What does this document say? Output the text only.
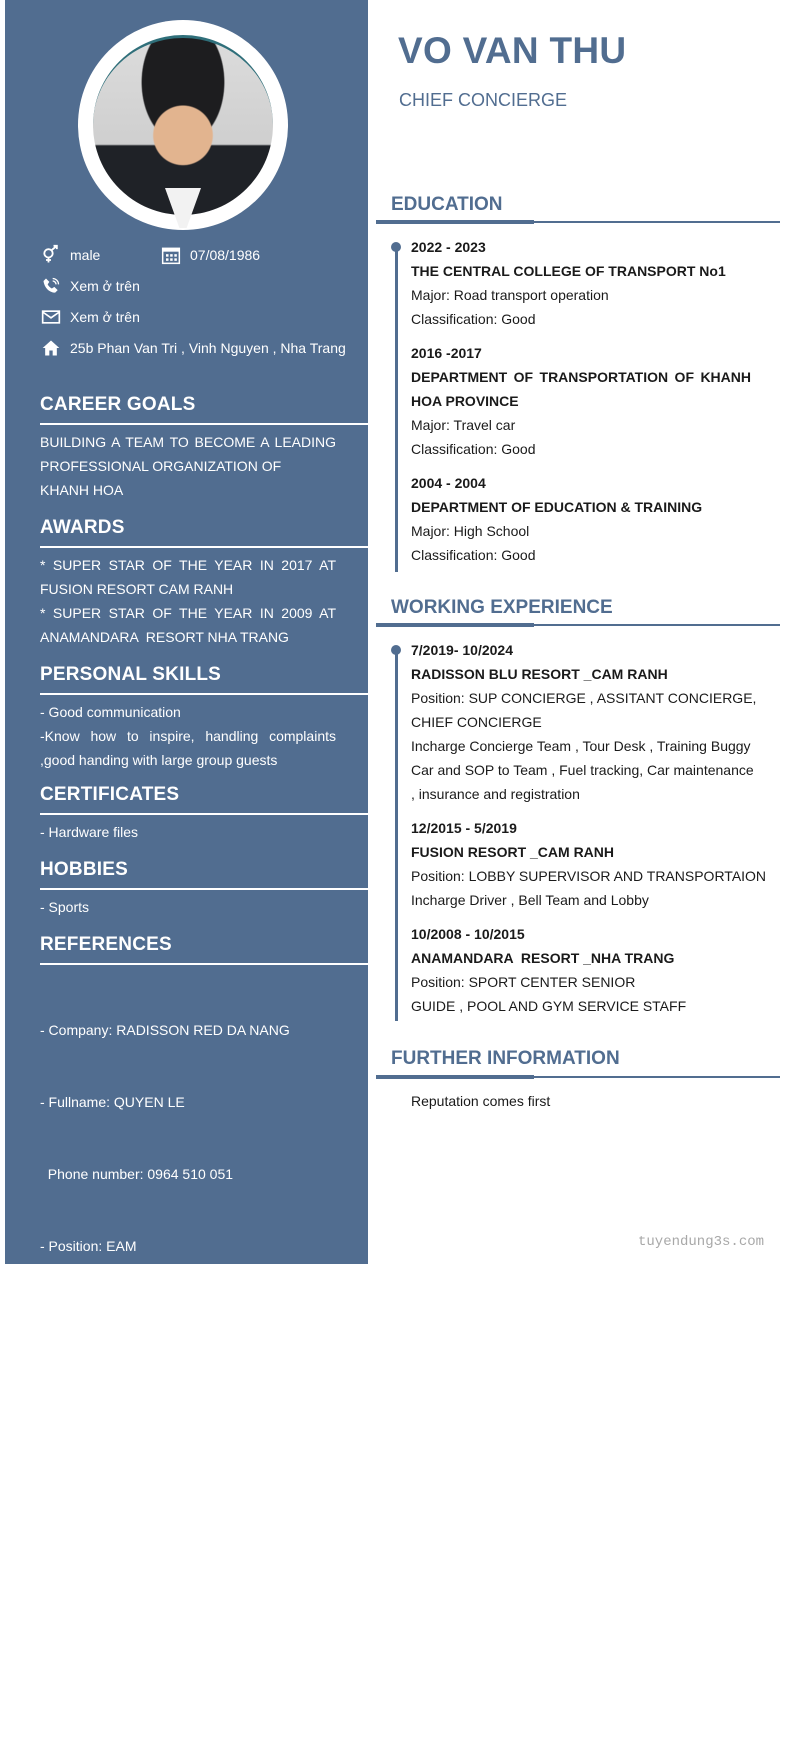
male	07/08/1986
Xem ở trên
Xem ở trên
25b Phan Van Tri , Vinh Nguyen , Nha Trang
CAREER GOALS
BUILDING A TEAM TO BECOME A LEADING
PROFESSIONAL ORGANIZATION OF
KHANH HOA
AWARDS
* SUPER STAR OF THE YEAR IN 2017 AT
FUSION RESORT CAM RANH
* SUPER STAR OF THE YEAR IN 2009 AT
ANAMANDARA  RESORT NHA TRANG
PERSONAL SKILLS
- Good communication
-Know how to inspire, handling complaints
,good handing with large group guests
CERTIFICATES
- Hardware files
HOBBIES
- Sports
REFERENCES

- Company: RADISSON RED DA NANG

- Fullname: QUYEN LE

Phone number: 0964 510 051

- Position: EAM

-Company:  FUSION RESORT CAM RANH

-Fullname:  NGUYEN DI HOA

- Phone number:  0905 277 564

- Position : FOM

VO VAN THU
CHIEF CONCIERGE
EDUCATION
2022 - 2023
THE CENTRAL COLLEGE OF TRANSPORT No1
Major: Road transport operation
Classification: Good
2016 -2017
DEPARTMENT OF TRANSPORTATION OF KHANH
HOA PROVINCE
Major: Travel car
Classification: Good
2004 - 2004
DEPARTMENT OF EDUCATION & TRAINING
Major: High School
Classification: Good
WORKING EXPERIENCE
7/2019- 10/2024
RADISSON BLU RESORT _CAM RANH
Position: SUP CONCIERGE , ASSITANT CONCIERGE,
CHIEF CONCIERGE
Incharge Concierge Team , Tour Desk , Training Buggy
Car and SOP to Team , Fuel tracking, Car maintenance
, insurance and registration
12/2015 - 5/2019
FUSION RESORT _CAM RANH
Position: LOBBY SUPERVISOR AND TRANSPORTAION
Incharge Driver , Bell Team and Lobby
10/2008 - 10/2015
ANAMANDARA  RESORT _NHA TRANG
Position: SPORT CENTER SENIOR
GUIDE , POOL AND GYM SERVICE STAFF
FURTHER INFORMATION
Reputation comes first
tuyendung3s.com
